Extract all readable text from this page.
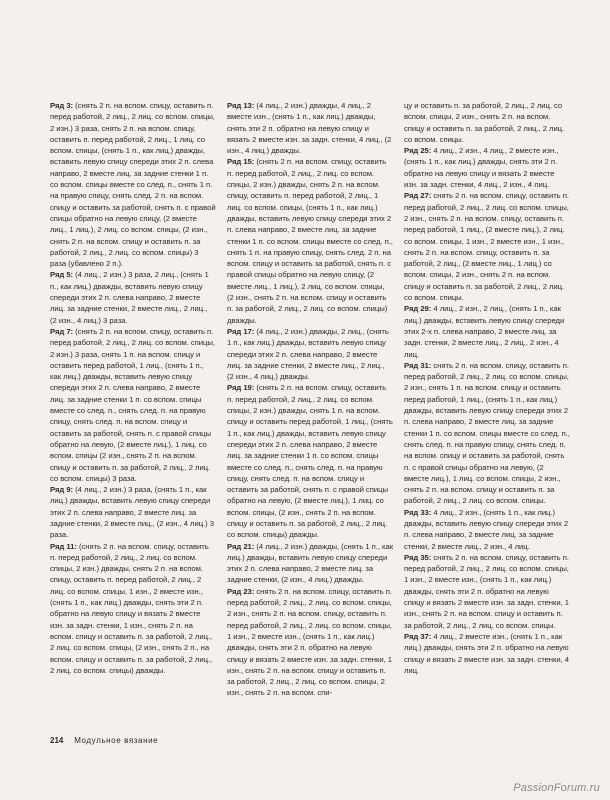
Ряд 3: (снять 2 п. на вспом. спицу, оставить п. перед работой, 2 лиц., 2 лиц. со вспом. спицы, 2 изн.) 3 раза, снять 2 п. на вспом. спицу, оставить п. перед работой, 2 лиц., 1 лиц. со вспом. спицы, (снять 1 п., как лиц.) дважды, вставить левую спицу спереди этих 2 п. слева направо, 2 вместе лиц. за задние стенки 1 п. со вспом. спицы вместе со след. п., снять 1 п. на правую спицу, снять след. 2 п. на вспом. спицу и оставить за работой, снять п. с правой спицы обратно на левую спицу, (2 вместе лиц., 1 лиц.), 2 лиц. со вспом. спицы, (2 изн., снять 2 п. на вспом. спицу и оставить п. за работой, 2 лиц., 2 лиц. со вспом. спицы) 3 раза (убавлено 2 п.).

Ряд 5: (4 лиц., 2 изн.) 3 раза, 2 лиц., (снять 1 п., как лиц.) дважды, вставить левую спицу спереди этих 2 п. слева направо, 2 вместе лиц. за задние стенки, 2 вместе лиц., 2 лиц., (2 изн., 4 лиц.) 3 раза.

Ряд 7: (снять 2 п. на вспом. спицу, оставить п. перед работой, 2 лиц., 2 лиц. со вспом. спицы, 2 изн.) 3 раза, снять 1 п. на вспом. спицу и оставить перед работой, 1 лиц., (снять 1 п., как лиц.) дважды, вставить левую спицу спереди этих 2 п. слева направо, 2 вместе лиц. за задние стенки 1 п. со вспом. спицы вместе со след. п., снять след. п. на правую спицу, снять след. п. на вспом. спицу и оставить за работой, снять п. с правой спицы обратно на левую, (2 вместе лиц.), 1 лиц. со вспом. спицы (2 изн., снять 2 п. на вспом. спицу и оставить п. за работой, 2 лиц., 2 лиц. со вспом. спицы) 3 раза.

Ряд 9: (4 лиц., 2 изн.) 3 раза, (снять 1 п., как лиц.) дважды, вставить левую спицу спереди этих 2 п. слева направо, 2 вместе лиц. за задние стенки, 2 вместе лиц., (2 изн., 4 лиц.) 3 раза.

Ряд 11: (снять 2 п. на вспом. спицу, оставить п. перед работой, 2 лиц., 2 лиц. со вспом. спицы, 2 изн.) дважды, снять 2 п. на вспом. спицу, оставить п. перед работой, 2 лиц., 2 лиц. со вспом. спицы, 1 изн., 2 вместе изн., (снять 1 п., как лиц.) дважды, снять эти 2 п. обратно на левую спицу и вязать 2 вместе изн. за задн. стенки, 1 изн., снять 2 п. на вспом. спицу и оставить п. за работой, 2 лиц., 2 лиц. со вспом. спицы, (2 изн., снять 2 п., на вспом. спицу и оставить п. за работой, 2 лиц., 2 лиц. со вспом. спицы) дважды.

Ряд 13: (4 лиц., 2 изн.) дважды, 4 лиц., 2 вместе изн., (снять 1 п., как лиц.) дважды, снять эти 2 п. обратно на левую спицу и вязать 2 вместе изн. за задн. стенки, 4 лиц., (2 изн., 4 лиц.) дважды.

Ряд 15: (снять 2 п. на вспом. спицу, оставить п. перед работой, 2 лиц., 2 лиц. со вспом. спицы, 2 изн.) дважды, снять 2 п. на вспом. спицу, оставить п. перед работой, 2 лиц., 1 лиц. со вспом. спицы, (снять 1 п., как лиц.) дважды, вставить левую спицу спереди этих 2 п. слева направо, 2 вместе лиц. за задние стенки 1 п. со вспом. спицы вместе со след. п., снять 1 п. на правую спицу, снять след. 2 п. на вспом. спицу и оставить за работой, снять п. с правой спицы обратно на левую спицу, (2 вместе лиц., 1 лиц.), 2 лиц. со вспом. спицы, (2 изн., снять 2 п. на вспом. спицу и оставить п. за работой, 2 лиц., 2 лиц. со вспом. спицы) дважды.

Ряд 17: (4 лиц., 2 изн.) дважды, 2 лиц., (снять 1 п., как лиц.) дважды, вставить левую спицу спереди этих 2 п. слева направо, 2 вместе лиц. за задние стенки, 2 вместе лиц., 2 лиц., (2 изн., 4 лиц.) дважды.

Ряд 19: (снять 2 п. на вспом. спицу, оставить п. перед работой, 2 лиц., 2 лиц. со вспом. спицы, 2 изн.) дважды, снять 1 п. на вспом. спицу и оставить перед работой, 1 лиц., (снять 1 п., как лиц.) дважды, вставить левую спицу спереди этих 2 п. слева направо, 2 вместе лиц. за задние стенки 1 п. со вспом. спицы вместе со след. п., снять след. п. на правую спицу, снять след. п. на вспом. спицу и оставить за работой, снять п. с правой спицы обратно на левую, (2 вместе лиц.), 1 лиц. со вспом. спицы, (2 изн., снять 2 п. на вспом. спицу и оставить п. за работой, 2 лиц., 2 лиц. со вспом. спицы) дважды.

Ряд 21: (4 лиц., 2 изн.) дважды, (снять 1 п., как лиц.) дважды, вставить левую спицу спереди этих 2 п. слева направо, 2 вместе лиц. за задние стенки, (2 изн., 4 лиц.) дважды.

Ряд 23: снять 2 п. на вспом. спицу, оставить п. перед работой, 2 лиц., 2 лиц. со вспом. спицы, 2 изн., снять 2 п. на вспом. спицу, оставить п. перед работой, 2 лиц., 2 лиц. со вспом. спицы, 1 изн., 2 вместе изн., (снять 1 п., как лиц.) дважды, снять эти 2 п. обратно на левую спицу и вязать 2 вместе изн. за задн. стенки, 1 изн., снять 2 п. на вспом. спицу и оставить п. за работой, 2 лиц., 2 лиц. со вспом. спицы, 2 изн., снять 2 п. на вспом. спи-

цу и оставить п. за работой, 2 лиц., 2 лиц. со вспом. спицы, 2 изн., снять 2 п. на вспом. спицу и оставить п. за работой, 2 лиц., 2 лиц. со вспом. спицы.

Ряд 25: 4 лиц., 2 изн., 4 лиц., 2 вместе изн., (снять 1 п., как лиц.) дважды, снять эти 2 п. обратно на левую спицу и вязать 2 вместе изн. за задн. стенки, 4 лиц., 2 изн., 4 лиц.

Ряд 27: снять 2 п. на вспом. спицу, оставить п. перед работой, 2 лиц., 2 лиц. со вспом. спицы, 2 изн., снять 2 п. на вспом. спицу, оставить п. перед работой, 1 лиц., (2 вместе лиц.), 2 лиц. со вспом. спицы, 1 изн., 2 вместе изн., 1 изн., снять 2 п. на вспом. спицу, оставить п. за работой, 2 лиц., (2 вместе лиц., 1 лиц.) со вспом. спицы, 2 изн., снять 2 п. на вспом. спицу и оставить п. за работой, 2 лиц., 2 лиц. со вспом. спицы.

Ряд 29: 4 лиц., 2 изн., 2 лиц., (снять 1 п., как лиц.) дважды, вставить левую спицу спереди этих 2-х п. слева направо, 2 вместе лиц. за задн. стенки, 2 вместе лиц., 2 лиц., 2 изн., 4 лиц.

Ряд 31: снять 2 п. на вспом. спицу, оставить п. перед работой, 2 лиц., 2 лиц. со вспом. спицы, 2 изн., снять 1 п. на вспом. спицу и оставить перед работой, 1 лиц., (снять 1 п., как лиц.) дважды, вставить левую спицу спереди этих 2 п. слева направо, 2 вместе лиц. за задние стенки 1 п. со вспом. спицы вместе со след. п., снять след. п. на правую спицу, снять след. п. на вспом. спицу и оставить за работой, снять п. с правой спицы обратно на левую, (2 вместе лиц.), 1 лиц. со вспом. спицы, 2 изн., снять 2 п. на вспом. спицу и оставить п. за работой, 2 лиц., 2 лиц. со вспом. спицы.

Ряд 33: 4 лиц., 2 изн., (снять 1 п., как лиц.) дважды, вставить левую спицу спереди этих 2 п. слева направо, 2 вместе лиц. за задние стенки, 2 вместе лиц., 2 изн., 4 лиц.

Ряд 35: снять 2 п. на вспом. спицу, оставить п. перед работой, 2 лиц., 2 лиц. со вспом. спицы, 1 изн., 2 вместе изн., (снять 1 п., как лиц.) дважды, снять эти 2 п. обратно на левую спицу и вязать 2 вместе изн. за задн. стенки, 1 изн., снять 2 п. на вспом. спицу и оставить п. за работой, 2 лиц., 2 лиц. со вспом. спицы.

Ряд 37: 4 лиц., 2 вместе изн., (снять 1 п., как лиц.) дважды, снять эти 2 п. обратно на левую спицу и вязать 2 вместе изн. за задн. стенки, 4 лиц.

214 Модульное вязание
PassionForum.ru
